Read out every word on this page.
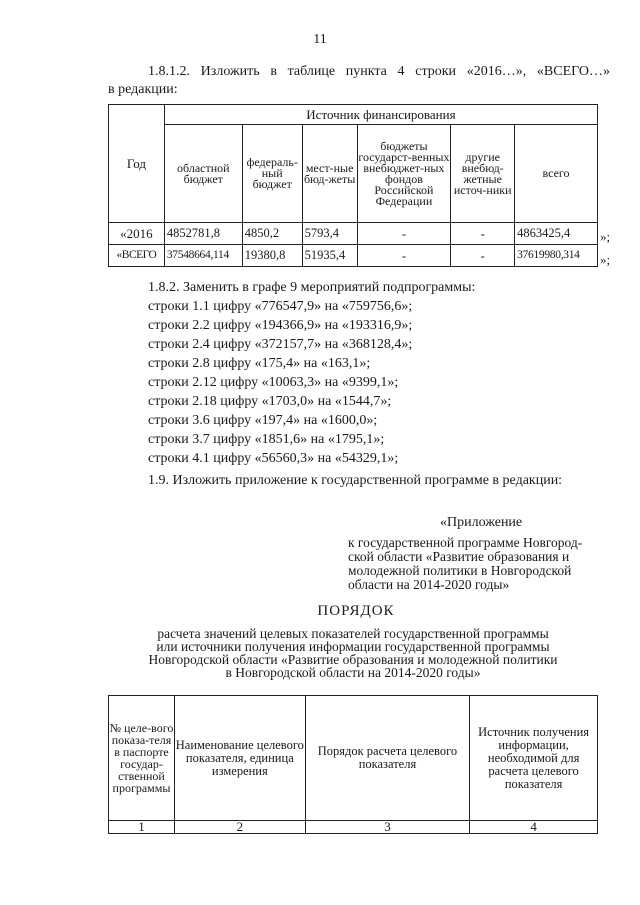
11
1.8.1.2. Изложить в таблице пункта 4 строки «2016…», «ВСЕГО…»
в редакции:
Год	Источник финансирования					
	областной бюджет	федераль-ный бюджет	мест-ные бюд-жеты	бюджеты государст-венных внебюджет-ных фондов Российской Федерации	другие внебюд-жетные источ-ники	всего
«2016	4852781,8	4850,2	5793,4	-	-	4863425,4
«ВСЕГО	37548664,114	19380,8	51935,4	-	-	37619980,314
»;
»;
1.8.2. Заменить в графе 9 мероприятий подпрограммы:
строки 1.1 цифру «776547,9» на «759756,6»;
строки 2.2 цифру «194366,9» на «193316,9»;
строки 2.4 цифру «372157,7» на «368128,4»;
строки 2.8 цифру «175,4» на «163,1»;
строки 2.12 цифру «10063,3» на «9399,1»;
строки 2.18 цифру «1703,0» на «1544,7»;
строки 3.6 цифру «197,4» на «1600,0»;
строки 3.7 цифру «1851,6» на «1795,1»;
строки 4.1 цифру «56560,3» на «54329,1»;
1.9. Изложить приложение к государственной программе в редакции:
«Приложение
к государственной программе Новгород-
ской области «Развитие образования и
молодежной политики в Новгородской
области на 2014-2020 годы»
ПОРЯДОК
расчета значений целевых показателей государственной программы
или источники получения информации государственной программы
Новгородской области «Развитие образования и молодежной политики
в Новгородской области на 2014-2020 годы»
№ целе-вого показа-теля в паспорте государ-ственной программы	Наименование целевого показателя, единица измерения	Порядок расчета целевого показателя	Источник получения информации, необходимой для расчета целевого показателя
1	2	3	4
